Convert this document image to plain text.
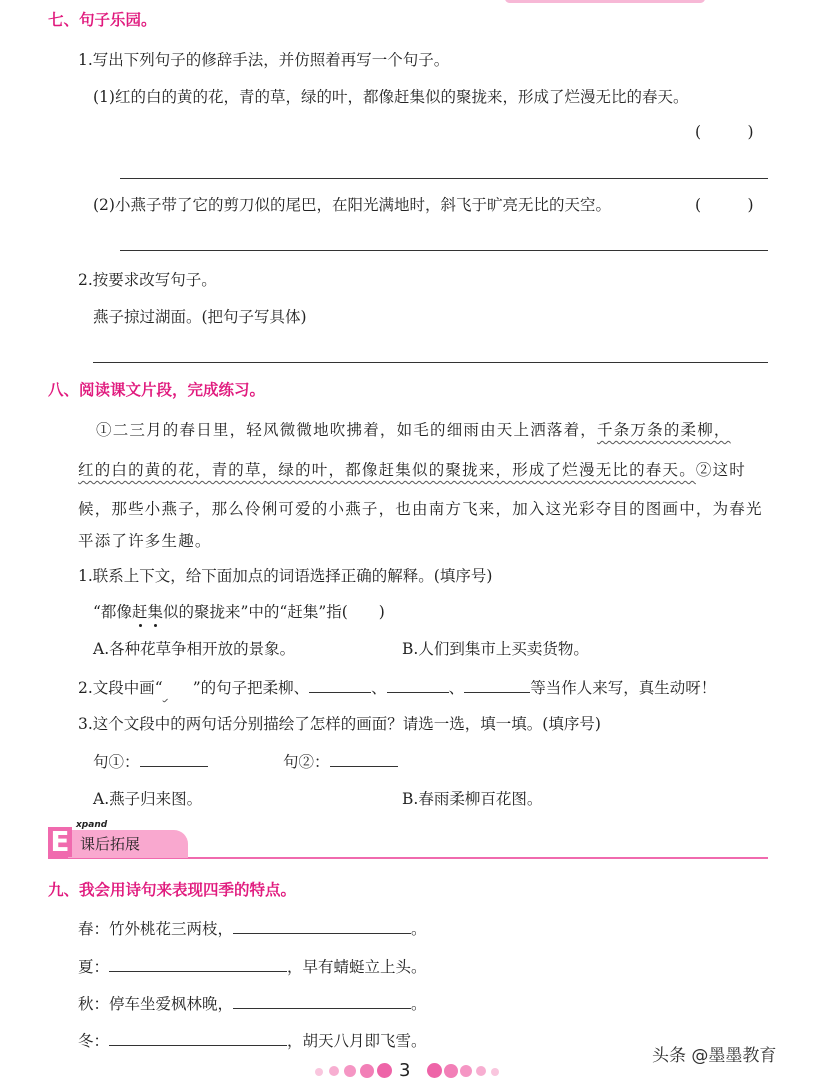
七、句子乐园。
1.写出下列句子的修辞手法，并仿照着再写一个句子。
(1)红的白的黄的花，青的草，绿的叶，都像赶集似的聚拢来，形成了烂漫无比的春天。
(　　　)
(2)小燕子带了它的剪刀似的尾巴，在阳光满地时，斜飞于旷亮无比的天空。	(　　　)
2.按要求改写句子。
燕子掠过湖面。(把句子写具体)
八、阅读课文片段，完成练习。
①二三月的春日里，轻风微微地吹拂着，如毛的细雨由天上洒落着，千条万条的柔柳，
红的白的黄的花，青的草，绿的叶，都像赶集似的聚拢来，形成了烂漫无比的春天。②这时
候，那些小燕子，那么伶俐可爱的小燕子，也由南方飞来，加入这光彩夺目的图画中，为春光
平添了许多生趣。
1.联系上下文，给下面加点的词语选择正确的解释。(填序号)
“都像赶集似的聚拢来”中的“赶集”指(　　)
A.各种花草争相开放的景象。	B.人们到集市上买卖货物。
2.文段中画“ ”的句子把柔柳、	、	、	等当作人来写，真生动呀！
3.这个文段中的两句话分别描绘了怎样的画面？请选一选，填一填。(填序号)
句①：	句②：
A.燕子归来图。	B.春雨柔柳百花图。
E xpand
课后拓展
九、我会用诗句来表现四季的特点。
春：竹外桃花三两枝，	。
夏：	，早有蜻蜓立上头。
秋：停车坐爱枫林晚，	。
冬：	，胡天八月即飞雪。
3
头条 @墨墨教育
